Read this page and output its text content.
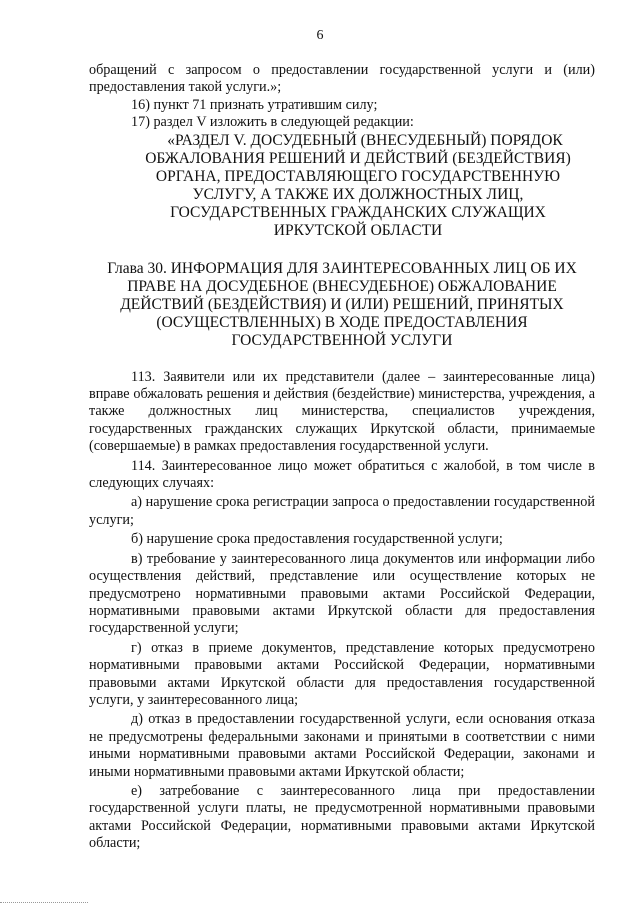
6

обращений с запросом о предоставлении государственной услуги и (или)

предоставления такой услуги.»;

16) пункт 71 признать утратившим силу;

17) раздел V изложить в следующей редакции:

«РАЗДЕЛ V. ДОСУДЕБНЫЙ (ВНЕСУДЕБНЫЙ) ПОРЯДОК ОБЖАЛОВАНИЯ РЕШЕНИЙ И ДЕЙСТВИЙ (БЕЗДЕЙСТВИЯ) ОРГАНА, ПРЕДОСТАВЛЯЮЩЕГО ГОСУДАРСТВЕННУЮ УСЛУГУ, А ТАКЖЕ ИХ ДОЛЖНОСТНЫХ ЛИЦ, ГОСУДАРСТВЕННЫХ ГРАЖДАНСКИХ СЛУЖАЩИХ ИРКУТСКОЙ ОБЛАСТИ
Глава 30. ИНФОРМАЦИЯ ДЛЯ ЗАИНТЕРЕСОВАННЫХ ЛИЦ ОБ ИХ ПРАВЕ НА ДОСУДЕБНОЕ (ВНЕСУДЕБНОЕ) ОБЖАЛОВАНИЕ ДЕЙСТВИЙ (БЕЗДЕЙСТВИЯ) И (ИЛИ) РЕШЕНИЙ, ПРИНЯТЫХ (ОСУЩЕСТВЛЕННЫХ) В ХОДЕ ПРЕДОСТАВЛЕНИЯ ГОСУДАРСТВЕННОЙ УСЛУГИ

113. Заявители или их представители (далее – заинтересованные лица) вправе обжаловать решения и действия (бездействие) министерства, учреждения, а также должностных лиц министерства, специалистов учреждения, государственных гражданских служащих Иркутской области, принимаемые (совершаемые) в рамках предоставления государственной услуги.

114. Заинтересованное лицо может обратиться с жалобой, в том числе в следующих случаях:

а) нарушение срока регистрации запроса о предоставлении государственной услуги;

б) нарушение срока предоставления государственной услуги;

в) требование у заинтересованного лица документов или информации либо осуществления действий, представление или осуществление которых не предусмотрено нормативными правовыми актами Российской Федерации, нормативными правовыми актами Иркутской области для предоставления государственной услуги;

г) отказ в приеме документов, представление которых предусмотрено нормативными правовыми актами Российской Федерации, нормативными правовыми актами Иркутской области для предоставления государственной услуги, у заинтересованного лица;

д) отказ в предоставлении государственной услуги, если основания отказа не предусмотрены федеральными законами и принятыми в соответствии с ними иными нормативными правовыми актами Российской Федерации, законами и иными нормативными правовыми актами Иркутской области;

е) затребование с заинтересованного лица при предоставлении государственной услуги платы, не предусмотренной нормативными правовыми актами Российской Федерации, нормативными правовыми актами Иркутской области;
